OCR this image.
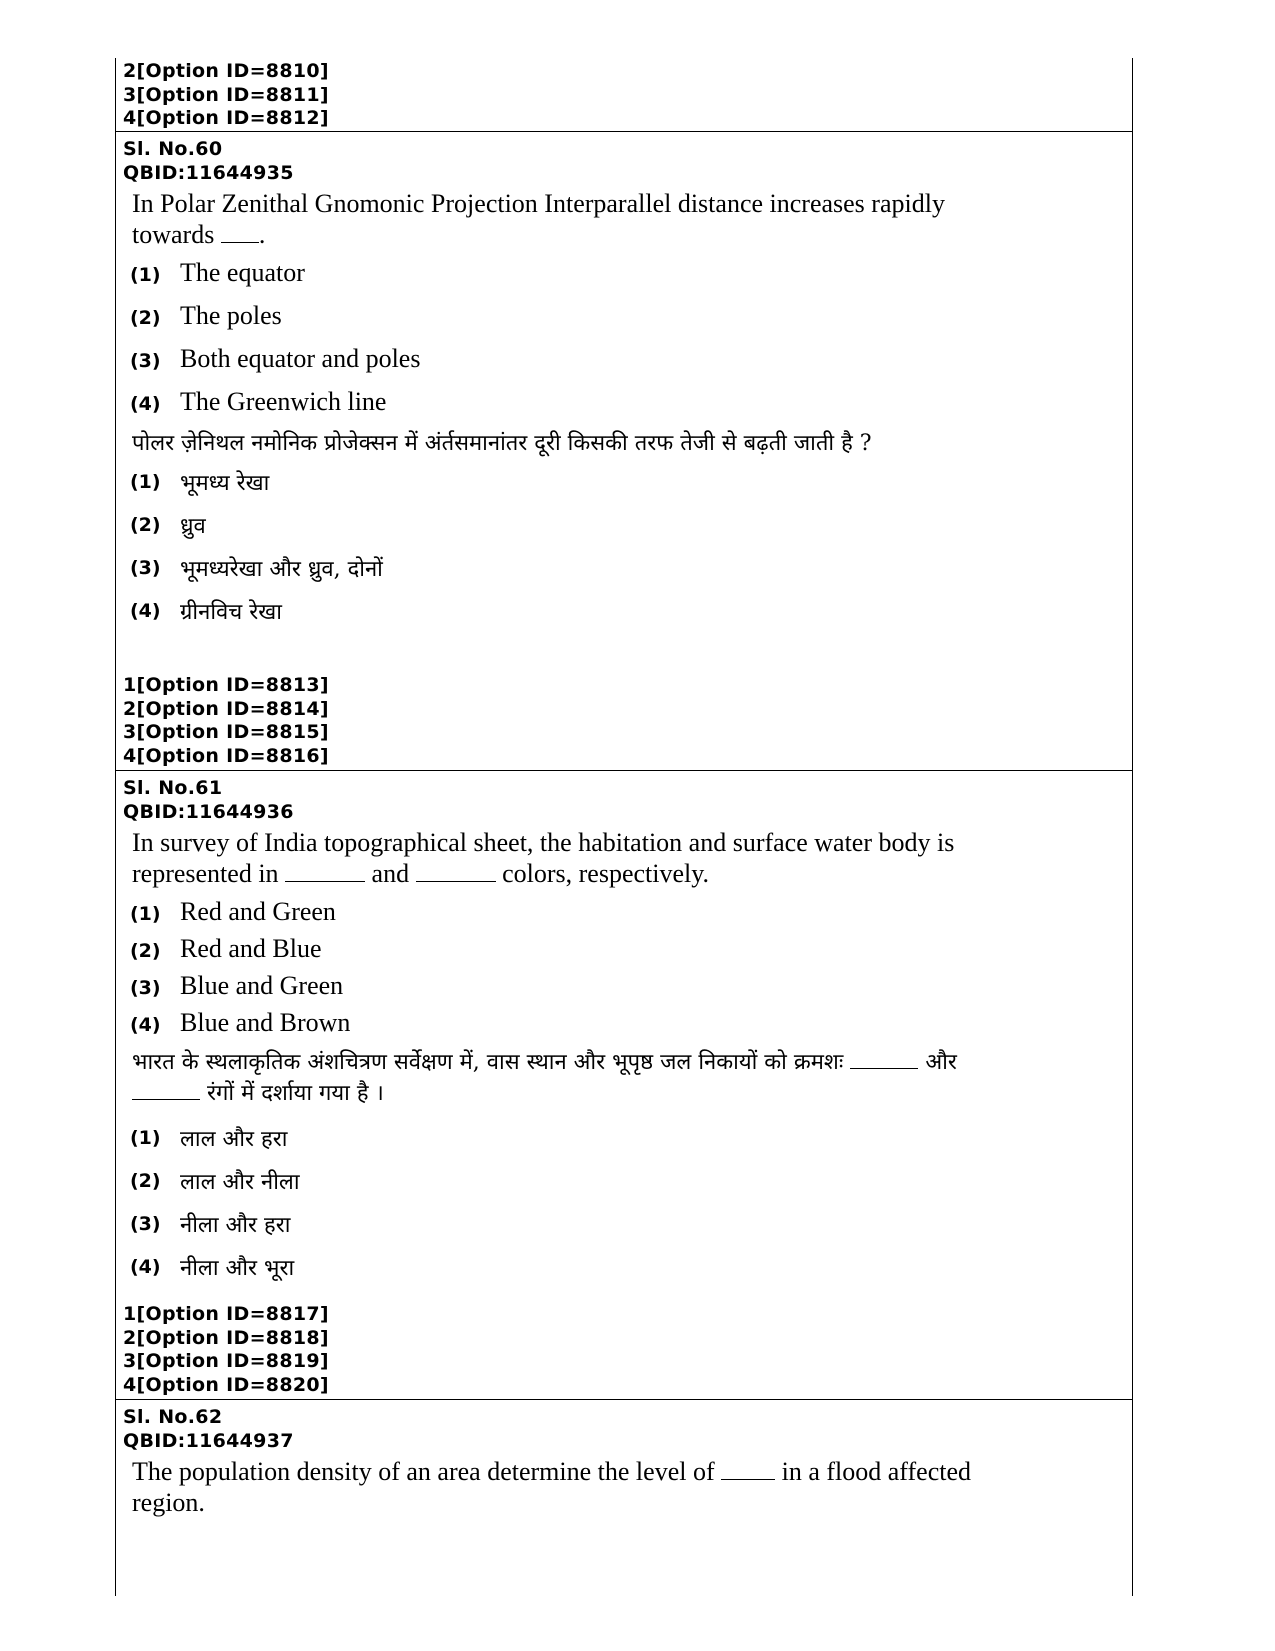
2[Option ID=8810]
3[Option ID=8811]
4[Option ID=8812]
Sl. No.60
QBID:11644935
In Polar Zenithal Gnomonic Projection Interparallel distance increases rapidly
towards .
(1) The equator
(2) The poles
(3) Both equator and poles
(4) The Greenwich line
पोलर ज़ेनिथल नमोनिक प्रोजेक्सन में अंर्तसमानांतर दूरी किसकी तरफ तेजी से बढ़ती जाती है ?
(1) भूमध्य रेखा
(2) ध्रुव
(3) भूमध्यरेखा और ध्रुव, दोनों
(4) ग्रीनविच रेखा
1[Option ID=8813]
2[Option ID=8814]
3[Option ID=8815]
4[Option ID=8816]
Sl. No.61
QBID:11644936
In survey of India topographical sheet, the habitation and surface water body is
represented in	and	colors, respectively.
(1) Red and Green
(2) Red and Blue
(3) Blue and Green
(4) Blue and Brown
भारत के स्थलाकृतिक अंशचित्रण सर्वेक्षण में, वास स्थान और भूपृष्ठ जल निकायों को क्रमशः	और
रंगों में दर्शाया गया है ।
(1) लाल और हरा
(2) लाल और नीला
(3) नीला और हरा
(4) नीला और भूरा
1[Option ID=8817]
2[Option ID=8818]
3[Option ID=8819]
4[Option ID=8820]
Sl. No.62
QBID:11644937
The population density of an area determine the level of	in a flood affected
region.
